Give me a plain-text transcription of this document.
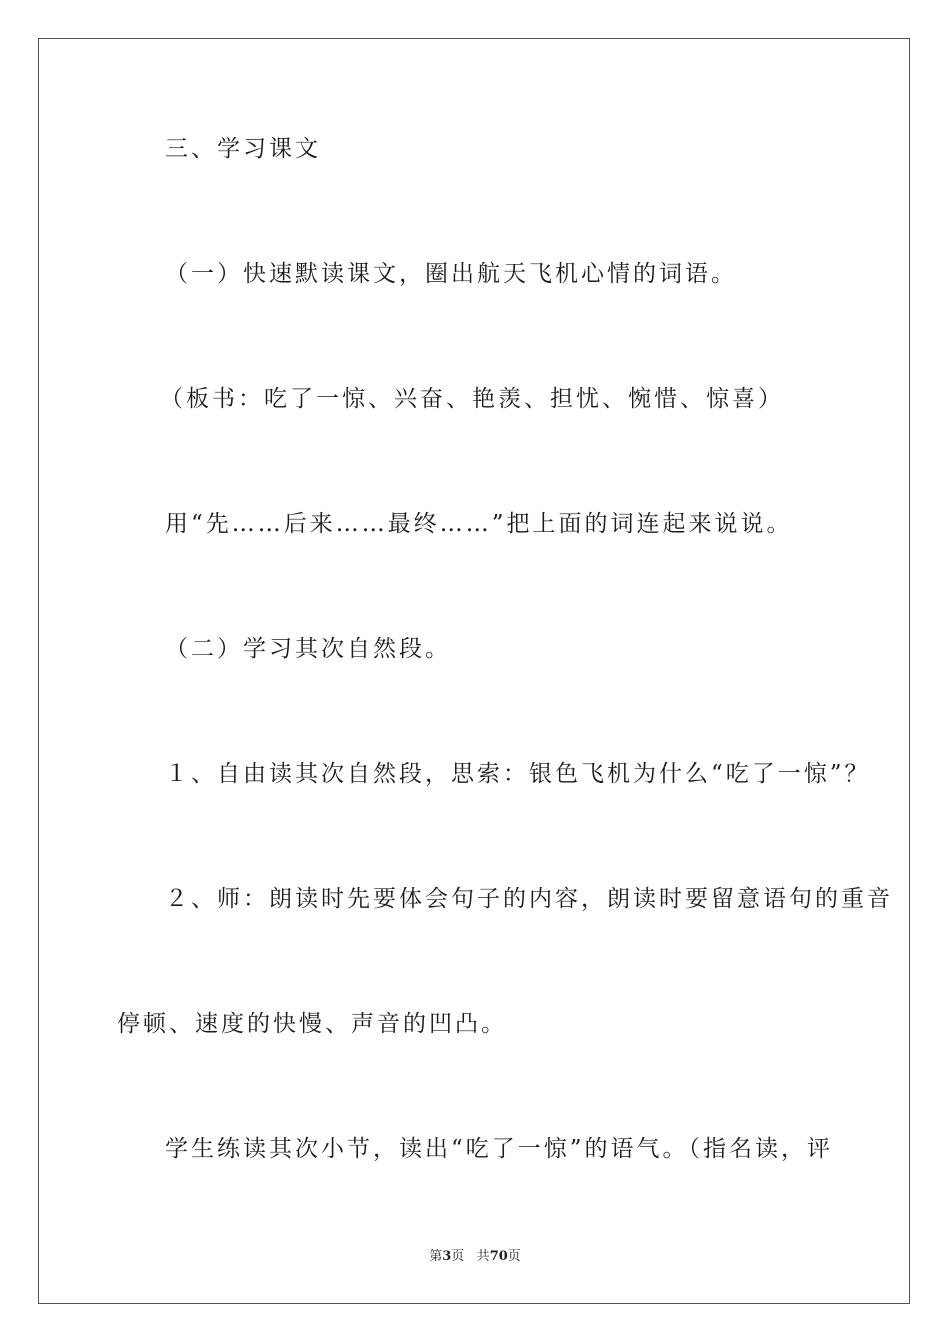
三、学习课文
（一）快速默读课文，圈出航天飞机心情的词语。
（板书：吃了一惊、兴奋、艳羡、担忧、惋惜、惊喜）
用“先……后来……最终……”把上面的词连起来说说。
（二）学习其次自然段。
１、自由读其次自然段，思索：银色飞机为什么“吃了一惊”？
２、师：朗读时先要体会句子的内容，朗读时要留意语句的重音
停顿、速度的快慢、声音的凹凸。
学生练读其次小节，读出“吃了一惊”的语气。（指名读，评
第3页 共70页
